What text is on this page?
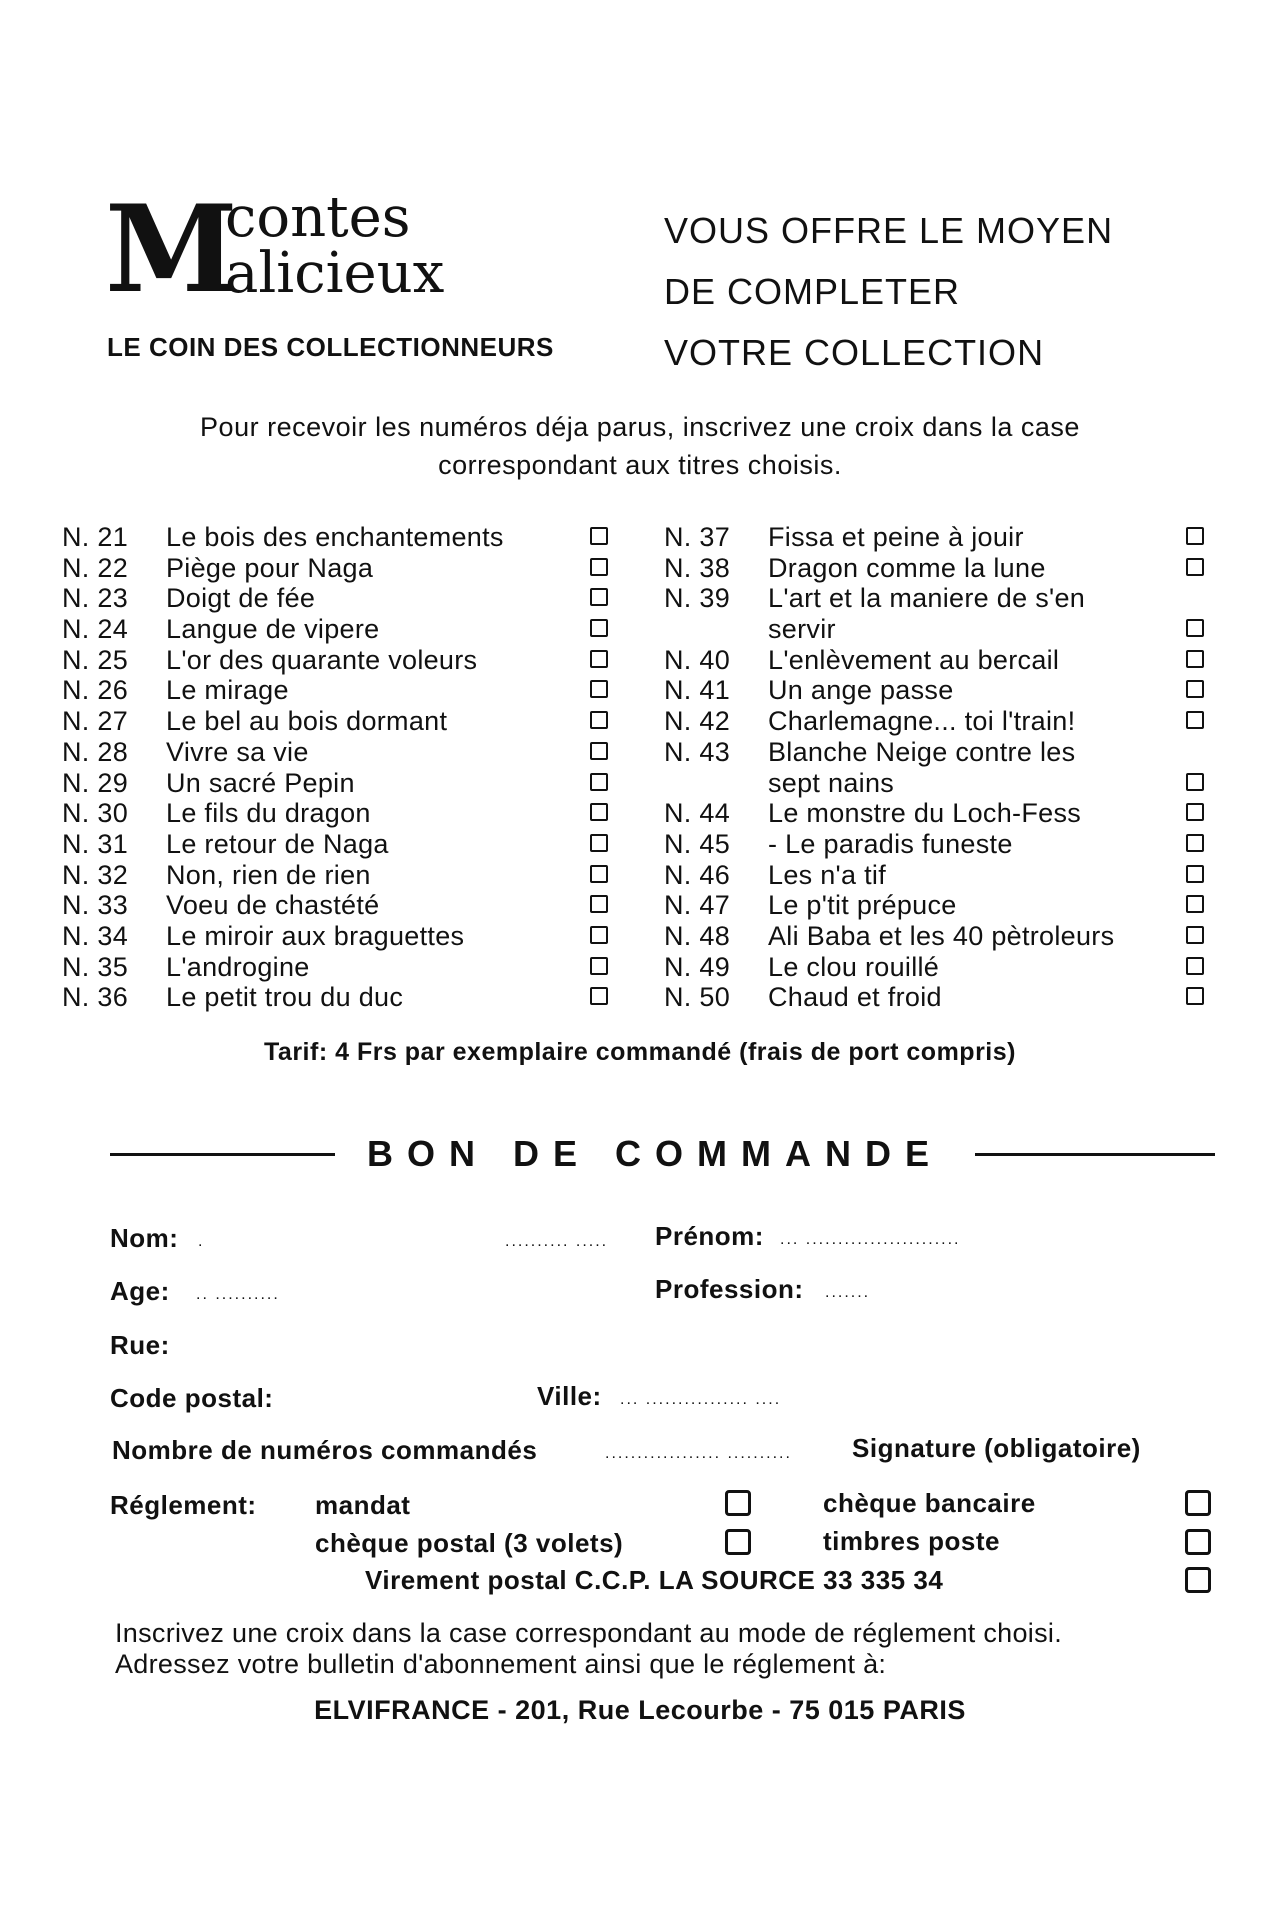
M
contes
alicieux
LE COIN DES COLLECTIONNEURS
VOUS OFFRE LE MOYEN
DE COMPLETER
VOTRE COLLECTION
Pour recevoir les numéros déja parus, inscrivez une croix dans la case
correspondant aux titres choisis.
N. 21 Le bois des enchantements
N. 22 Piège pour Naga
N. 23 Doigt de fée
N. 24 Langue de vipere
N. 25 L'or des quarante voleurs
N. 26 Le mirage
N. 27 Le bel au bois dormant
N. 28 Vivre sa vie
N. 29 Un sacré Pepin
N. 30 Le fils du dragon
N. 31 Le retour de Naga
N. 32 Non, rien de rien
N. 33 Voeu de chastété
N. 34 Le miroir aux braguettes
N. 35 L'androgine
N. 36 Le petit trou du duc
N. 37 Fissa et peine à jouir
N. 38 Dragon comme la lune
N. 39 L'art et la maniere de s'en
servir
N. 40 L'enlèvement au bercail
N. 41 Un ange passe
N. 42 Charlemagne... toi l'train!
N. 43 Blanche Neige contre les
sept nains
N. 44 Le monstre du Loch-Fess
N. 45 - Le paradis funeste
N. 46 Les n'a tif
N. 47 Le p'tit prépuce
N. 48 Ali Baba et les 40 pètroleurs
N. 49 Le clou rouillé
N. 50 Chaud et froid
Tarif: 4 Frs par exemplaire commandé (frais de port compris)
BON DE COMMANDE
Nom: .	.......... ..... Prénom: ... ........................
Age: .. ..........	Profession: .......
Rue:
Code postal:	Ville: ... ................ ....
Nombre de numéros commandés	.................. .......... Signature (obligatoire)
Réglement: mandat	chèque bancaire
chèque postal (3 volets)	timbres poste
Virement postal C.C.P. LA SOURCE 33 335 34
Inscrivez une croix dans la case correspondant au mode de réglement choisi.
Adressez votre bulletin d'abonnement ainsi que le réglement à:
ELVIFRANCE - 201, Rue Lecourbe - 75 015 PARIS
